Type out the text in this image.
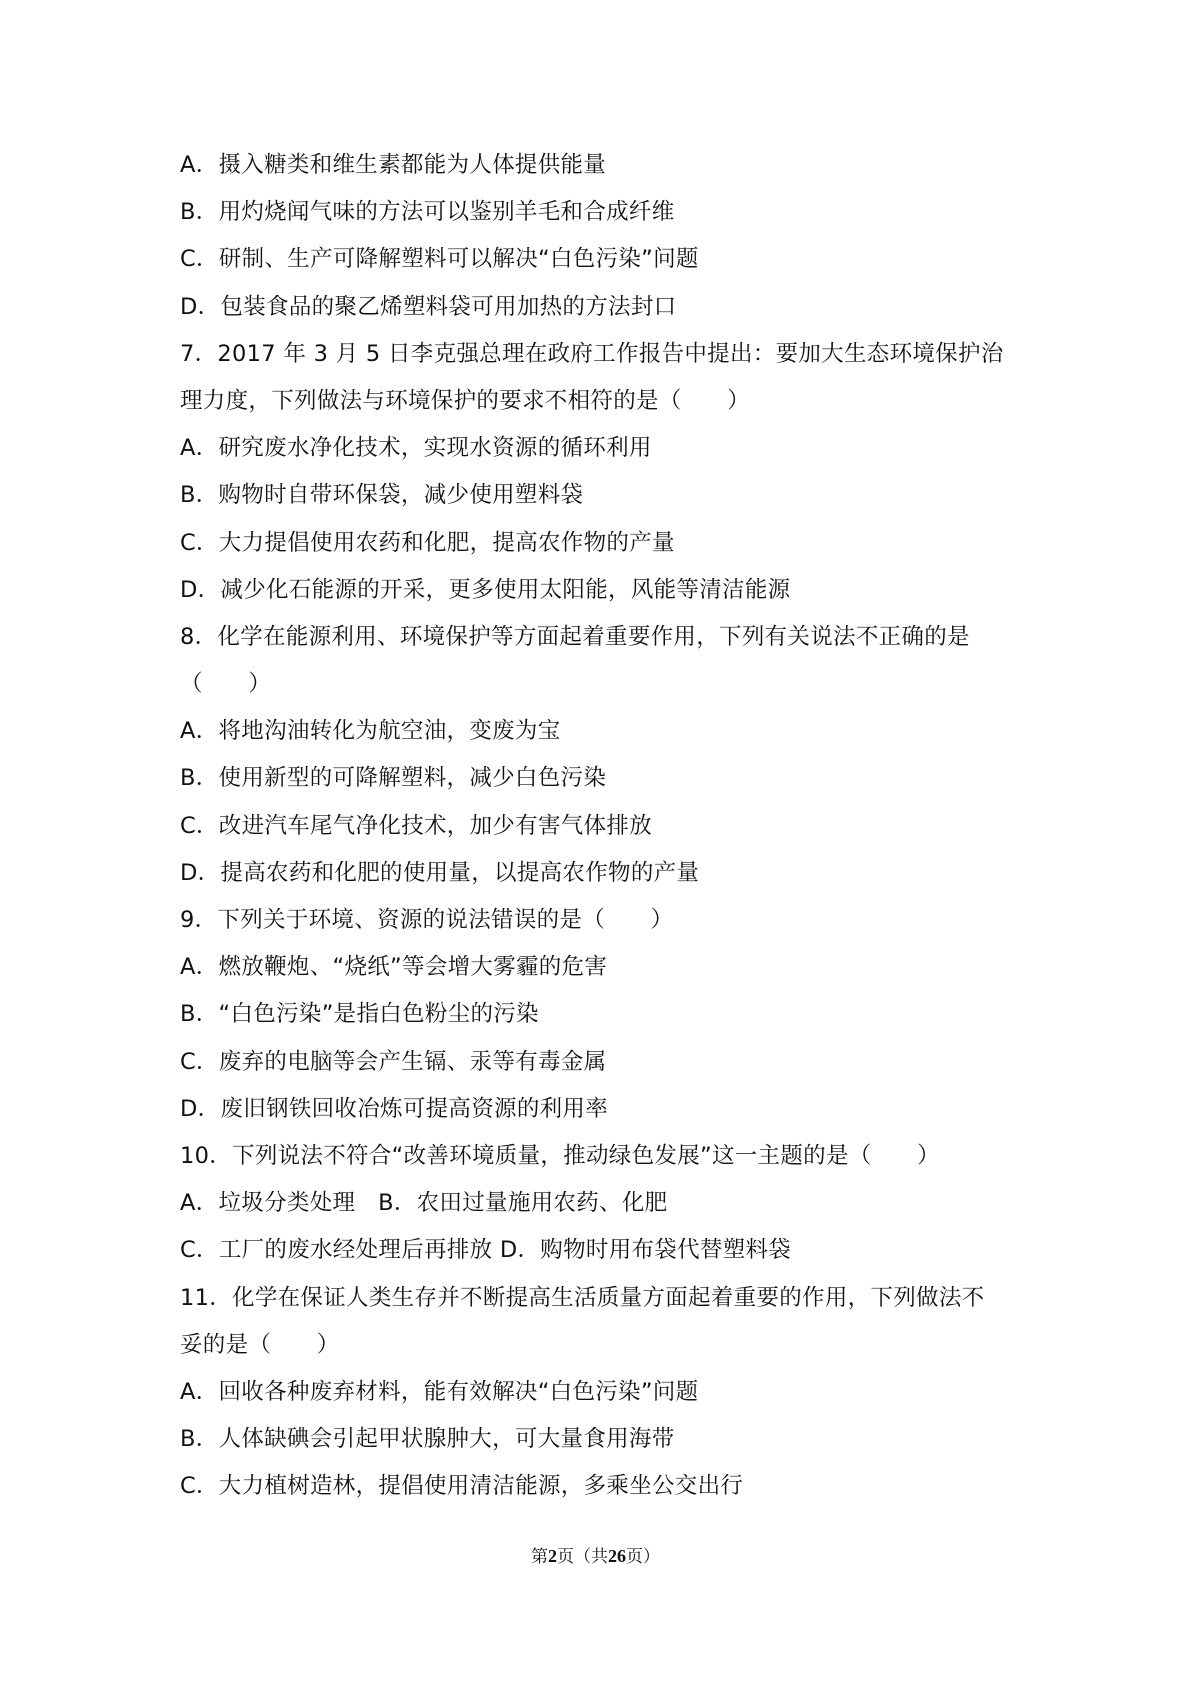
A．摄入糖类和维生素都能为人体提供能量
B．用灼烧闻气味的方法可以鉴别羊毛和合成纤维
C．研制、生产可降解塑料可以解决“白色污染”问题
D．包装食品的聚乙烯塑料袋可用加热的方法封口
7．2017 年 3 月 5 日李克强总理在政府工作报告中提出：要加大生态环境保护治
理力度，下列做法与环境保护的要求不相符的是（　　）
A．研究废水净化技术，实现水资源的循环利用
B．购物时自带环保袋，减少使用塑料袋
C．大力提倡使用农药和化肥，提高农作物的产量
D．减少化石能源的开采，更多使用太阳能，风能等清洁能源
8．化学在能源利用、环境保护等方面起着重要作用，下列有关说法不正确的是
（　　）
A．将地沟油转化为航空油，变废为宝
B．使用新型的可降解塑料，减少白色污染
C．改进汽车尾气净化技术，加少有害气体排放
D．提高农药和化肥的使用量，以提高农作物的产量
9．下列关于环境、资源的说法错误的是（　　）
A．燃放鞭炮、“烧纸”等会增大雾霾的危害
B．“白色污染”是指白色粉尘的污染
C．废弃的电脑等会产生镉、汞等有毒金属
D．废旧钢铁回收冶炼可提高资源的利用率
10．下列说法不符合“改善环境质量，推动绿色发展”这一主题的是（　　）
A．垃圾分类处理　B．农田过量施用农药、化肥
C．工厂的废水经处理后再排放 D．购物时用布袋代替塑料袋
11．化学在保证人类生存并不断提高生活质量方面起着重要的作用，下列做法不
妥的是（　　）
A．回收各种废弃材料，能有效解决“白色污染”问题
B．人体缺碘会引起甲状腺肿大，可大量食用海带
C．大力植树造林，提倡使用清洁能源，多乘坐公交出行
第2页（共26页）
